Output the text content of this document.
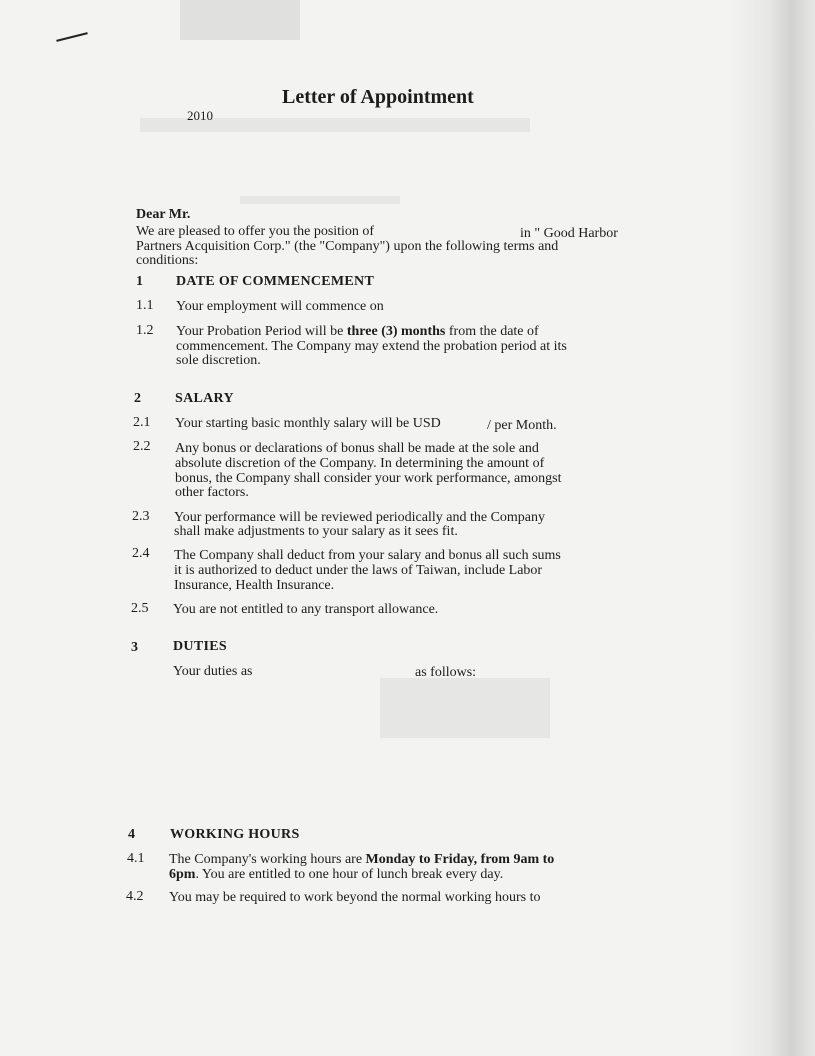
Letter of Appointment
2010
Dear Mr.
We are pleased to offer you the position of	in " Good Harbor
Partners Acquisition Corp." (the "Company") upon the following terms and
conditions:
1 DATE OF COMMENCEMENT
1.1 Your employment will commence on
1.2 Your Probation Period will be three (3) months from the date of
commencement. The Company may extend the probation period at its
sole discretion.
2 SALARY
2.1 Your starting basic monthly salary will be USD	/ per Month.
2.2 Any bonus or declarations of bonus shall be made at the sole and
absolute discretion of the Company. In determining the amount of
bonus, the Company shall consider your work performance, amongst
other factors.
2.3 Your performance will be reviewed periodically and the Company
shall make adjustments to your salary as it sees fit.
2.4 The Company shall deduct from your salary and bonus all such sums
it is authorized to deduct under the laws of Taiwan, include Labor
Insurance, Health Insurance.
2.5 You are not entitled to any transport allowance.
3	DUTIES
Your duties as	as follows:
4	WORKING HOURS
4.1 The Company's working hours are Monday to Friday, from 9am to
6pm. You are entitled to one hour of lunch break every day.
4.2 You may be required to work beyond the normal working hours to
